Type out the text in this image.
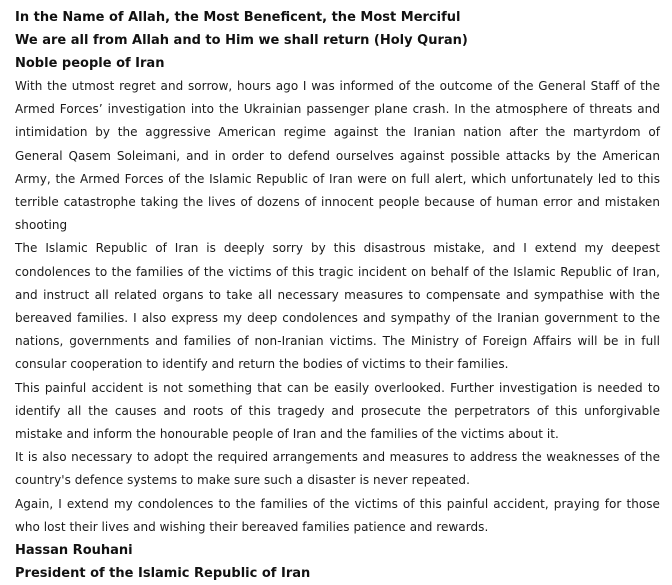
In the Name of Allah, the Most Beneficent, the Most Merciful
We are all from Allah and to Him we shall return (Holy Quran)
Noble people of Iran

With the utmost regret and sorrow, hours ago I was informed of the outcome of the General Staff of the Armed Forces’ investigation into the Ukrainian passenger plane crash. In the atmosphere of threats and intimidation by the aggressive American regime against the Iranian nation after the martyrdom of General Qasem Soleimani, and in order to defend ourselves against possible attacks by the American Army, the Armed Forces of the Islamic Republic of Iran were on full alert, which unfortunately led to this terrible catastrophe taking the lives of dozens of innocent people because of human error and mistaken shooting

The Islamic Republic of Iran is deeply sorry by this disastrous mistake, and I extend my deepest condolences to the families of the victims of this tragic incident on behalf of the Islamic Republic of Iran, and instruct all related organs to take all necessary measures to compensate and sympathise with the bereaved families. I also express my deep condolences and sympathy of the Iranian government to the nations, governments and families of non-Iranian victims. The Ministry of Foreign Affairs will be in full consular cooperation to identify and return the bodies of victims to their families.

This painful accident is not something that can be easily overlooked. Further investigation is needed to identify all the causes and roots of this tragedy and prosecute the perpetrators of this unforgivable mistake and inform the honourable people of Iran and the families of the victims about it.

It is also necessary to adopt the required arrangements and measures to address the weaknesses of the country's defence systems to make sure such a disaster is never repeated.

Again, I extend my condolences to the families of the victims of this painful accident, praying for those who lost their lives and wishing their bereaved families patience and rewards.

Hassan Rouhani
President of the Islamic Republic of Iran
